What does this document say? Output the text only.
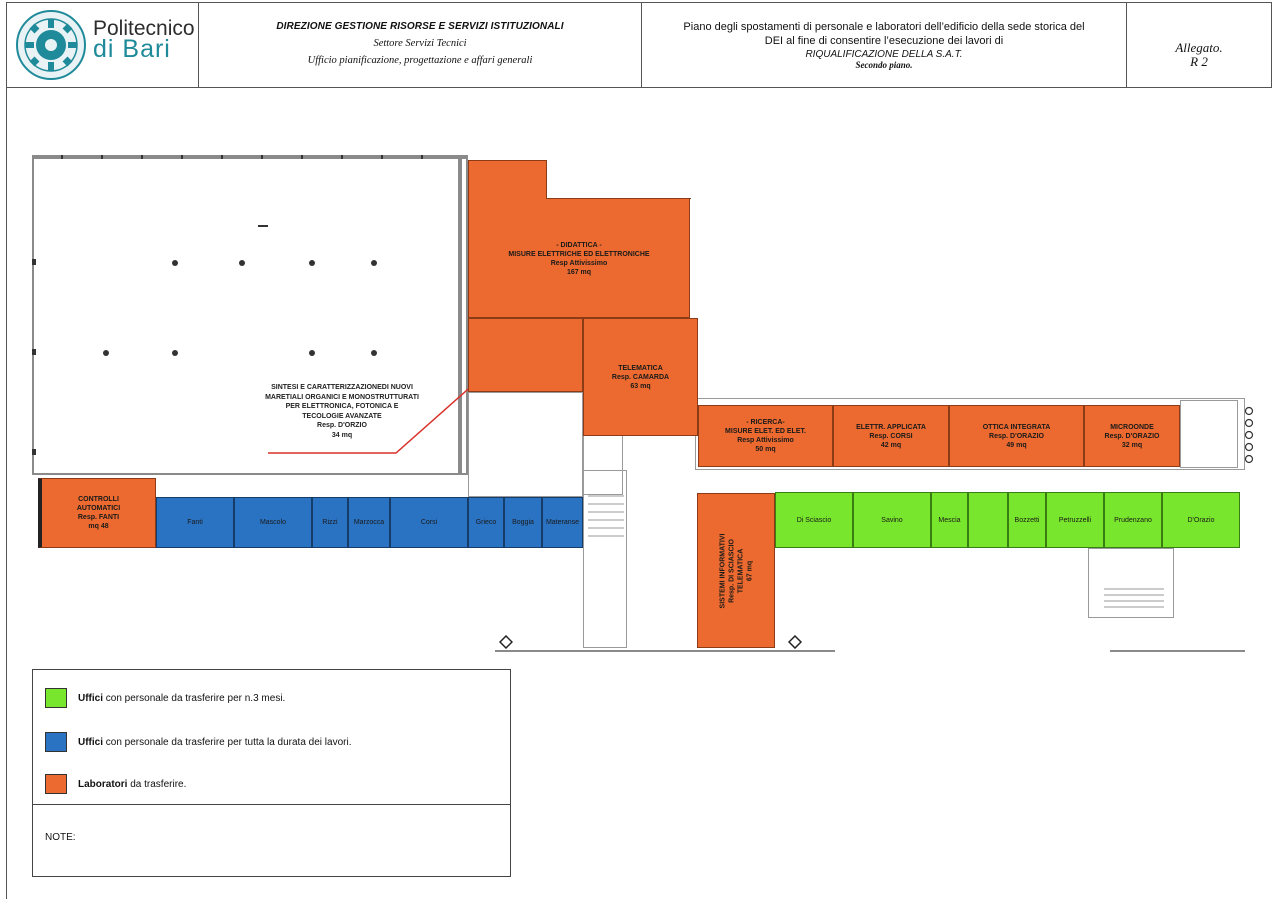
Politecnico
di Bari
DIREZIONE GESTIONE RISORSE E SERVIZI ISTITUZIONALI
Settore Servizi Tecnici
Ufficio pianificazione, progettazione e affari generali
Piano degli spostamenti di personale e laboratori dell’edificio della sede storica del DEI al fine di consentire l’esecuzione dei lavori di
RIQUALIFICAZIONE DELLA S.A.T.
Secondo piano.
Allegato.
R 2
- DIDATTICA -
MISURE ELETTRICHE ED ELETTRONICHE
Resp Attivissimo
167 mq
TELEMATICA
Resp. CAMARDA
63 mq
- RICERCA-
MISURE ELET. ED ELET.
Resp Attivissimo
50 mq
ELETTR. APPLICATA
Resp. CORSI
42 mq
OTTICA INTEGRATA
Resp. D'ORAZIO
49 mq
MICROONDE
Resp. D'ORAZIO
32 mq
CONTROLLI
AUTOMATICI
Resp. FANTI
mq 48
SISTEMI INFORMATIVI Resp. DI SCIASCIO TELEMATICA 67 mq
Fanti	Mascolo	Rizzi Marzocca	Corsi	Grieco Boggia Materanse	Di Sciascio	Savino	Mescia	Bozzetti	Petruzzelli	Prudenzano	D'Orazio
SINTESI E CARATTERIZZAZIONEDI NUOVI
MARETIALI ORGANICI E MONOSTRUTTURATI
PER ELETTRONICA, FOTONICA E
TECOLOGIE AVANZATE
Resp. D'ORZIO
34 mq
Uffici con personale da trasferire per n.3 mesi.
Uffici con personale da trasferire per tutta la durata dei lavori.
Laboratori da trasferire.
NOTE:
